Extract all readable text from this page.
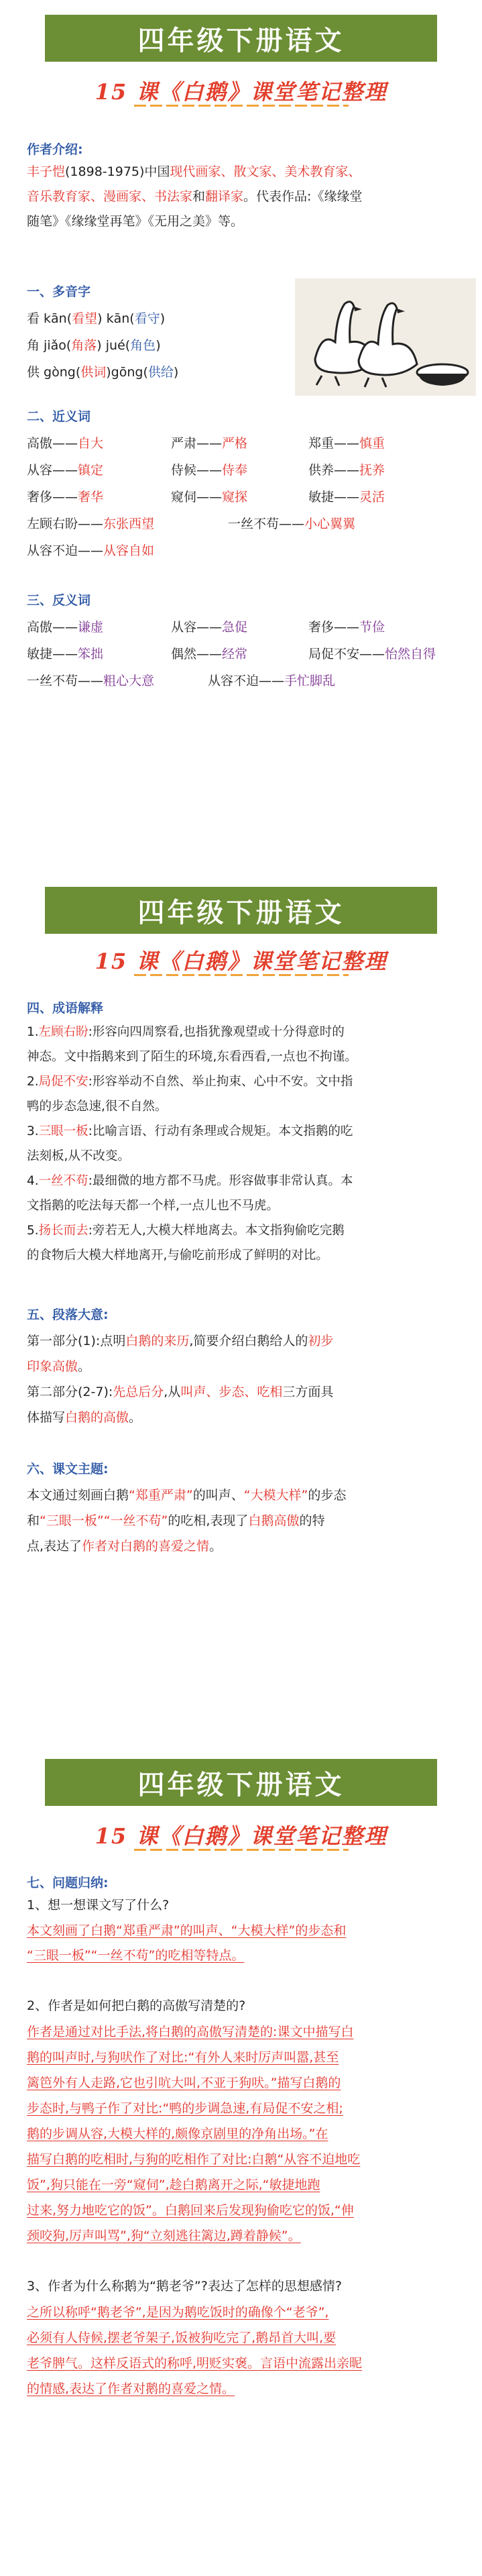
四年级下册语文
15 课《白鹅》课堂笔记整理
作者介绍:
丰子恺(1898-1975)中国现代画家、散文家、美术教育家、
音乐教育家、漫画家、书法家和翻译家。代表作品:《缘缘堂
随笔》《缘缘堂再笔》《无用之美》等。
一、多音字
看 kān(看望) kān(看守)
角 jiǎo(角落) jué(角色)
供 gòng(供词)gōng(供给)
二、近义词
高傲——自大	严肃——严格	郑重——慎重
从容——镇定	侍候——侍奉	供养——抚养
奢侈——奢华	窥伺——窥探	敏捷——灵活
左顾右盼——东张西望	一丝不苟——小心翼翼
从容不迫——从容自如
三、反义词
高傲——谦虚	从容——急促	奢侈——节俭
敏捷——笨拙	偶然——经常	局促不安——怡然自得
一丝不苟——粗心大意	从容不迫——手忙脚乱
四年级下册语文
15 课《白鹅》课堂笔记整理
四、成语解释
1.左顾右盼:形容向四周察看,也指犹豫观望或十分得意时的
神态。文中指鹅来到了陌生的环境,东看西看,一点也不拘谨。
2.局促不安:形容举动不自然、举止拘束、心中不安。文中指
鸭的步态急速,很不自然。
3.三眼一板:比喻言语、行动有条理或合规矩。本文指鹅的吃
法刻板,从不改变。
4.一丝不苟:最细微的地方都不马虎。形容做事非常认真。本
文指鹅的吃法每天都一个样,一点儿也不马虎。
5.扬长而去:旁若无人,大模大样地离去。本文指狗偷吃完鹅
的食物后大模大样地离开,与偷吃前形成了鲜明的对比。
五、段落大意:
第一部分(1):点明白鹅的来历,简要介绍白鹅给人的初步
印象高傲。
第二部分(2-7):先总后分,从叫声、步态、吃相三方面具
体描写白鹅的高傲。
六、课文主题:
本文通过刻画白鹅“郑重严肃”的叫声、“大模大样”的步态
和“三眼一板”“一丝不苟”的吃相,表现了白鹅高傲的特
点,表达了作者对白鹅的喜爱之情。
四年级下册语文
15 课《白鹅》课堂笔记整理
七、问题归纳:
1、想一想课文写了什么?
本文刻画了白鹅“郑重严肃”的叫声、“大模大样”的步态和
“三眼一板”“一丝不苟”的吃相等特点。
2、作者是如何把白鹅的高傲写清楚的?
作者是通过对比手法,将白鹅的高傲写清楚的:课文中描写白
鹅的叫声时,与狗吠作了对比:“有外人来时厉声叫嚣,甚至
篱笆外有人走路,它也引吭大叫,不亚于狗吠。”描写白鹅的
步态时,与鸭子作了对比:“鸭的步调急速,有局促不安之相;
鹅的步调从容,大模大样的,颇像京剧里的净角出场。”在
描写白鹅的吃相时,与狗的吃相作了对比:白鹅“从容不迫地吃
饭”,狗只能在一旁“窥伺”,趁白鹅离开之际,“敏捷地跑
过来,努力地吃它的饭”。白鹅回来后发现狗偷吃它的饭,“伸
颈咬狗,厉声叫骂”,狗“立刻逃往篱边,蹲着静候”。
3、作者为什么称鹅为“鹅老爷”?表达了怎样的思想感情?
之所以称呼“鹅老爷”,是因为鹅吃饭时的确像个“老爷”,
必须有人侍候,摆老爷架子,饭被狗吃完了,鹅昂首大叫,要
老爷脾气。这样反语式的称呼,明贬实褒。言语中流露出亲昵
的情感,表达了作者对鹅的喜爱之情。
